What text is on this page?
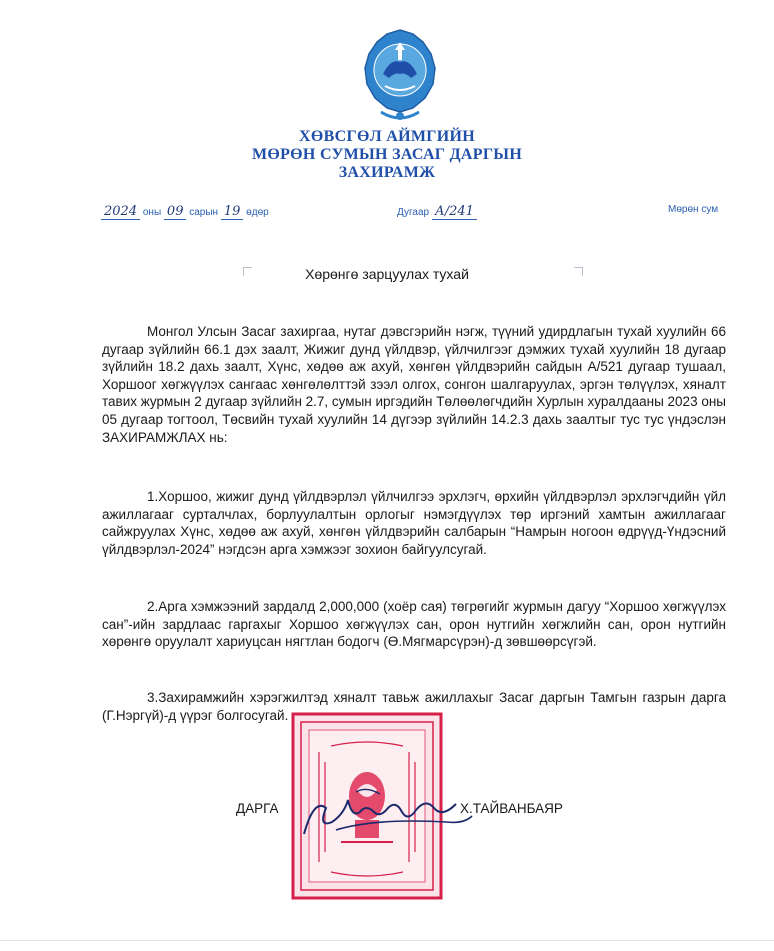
ХӨВСГӨЛ АЙМГИЙН
МӨРӨН СУМЫН ЗАСАГ ДАРГЫН
ЗАХИРАМЖ
2024 оны 09 сарын 19 өдөр	Дугаар А/241	Мөрөн сум
Хөрөнгө зарцуулах тухай
Монгол Улсын Засаг захиргаа, нутаг дэвсгэрийн нэгж, түүний удирдлагын тухай хуулийн 66 дугаар зүйлийн 66.1 дэх заалт, Жижиг дунд үйлдвэр, үйлчилгээг дэмжих тухай хуулийн 18 дугаар зүйлийн 18.2 дахь заалт, Хүнс, хөдөө аж ахуй, хөнгөн үйлдвэрийн сайдын А/521 дугаар тушаал, Хоршоог хөгжүүлэх сангаас хөнгөлөлттэй зээл олгох, сонгон шалгаруулах, эргэн төлүүлэх, хяналт тавих журмын 2 дугаар зүйлийн 2.7, сумын иргэдийн Төлөөлөгчдийн Хурлын хуралдааны 2023 оны 05 дугаар тогтоол, Төсвийн тухай хуулийн 14 дүгээр зүйлийн 14.2.3 дахь заалтыг тус тус үндэслэн ЗАХИРАМЖЛАХ нь:
1.Хоршоо, жижиг дунд үйлдвэрлэл үйлчилгээ эрхлэгч, өрхийн үйлдвэрлэл эрхлэгчдийн үйл ажиллагааг сурталчлах, борлуулалтын орлогыг нэмэгдүүлэх төр иргэний хамтын ажиллагааг сайжруулах Хүнс, хөдөө аж ахуй, хөнгөн үйлдвэрийн салбарын “Намрын ногоон өдрүүд-Үндэсний үйлдвэрлэл-2024” нэгдсэн арга хэмжээг зохион байгуулсугай.
2.Арга хэмжээний зардалд 2,000,000 (хоёр сая) төгрөгийг журмын дагуу “Хоршоо хөгжүүлэх сан”-ийн зардлаас гаргахыг Хоршоо хөгжүүлэх сан, орон нутгийн хөгжлийн сан, орон нутгийн хөрөнгө оруулалт хариуцсан нягтлан бодогч (Ө.Мягмарсүрэн)-д зөвшөөрсүгэй.
3.Захирамжийн хэрэгжилтэд хяналт тавьж ажиллахыг Засаг даргын Тамгын газрын дарга (Г.Нэргүй)-д үүрэг болгосугай.
ДАРГА	Х.ТАЙВАНБАЯР
